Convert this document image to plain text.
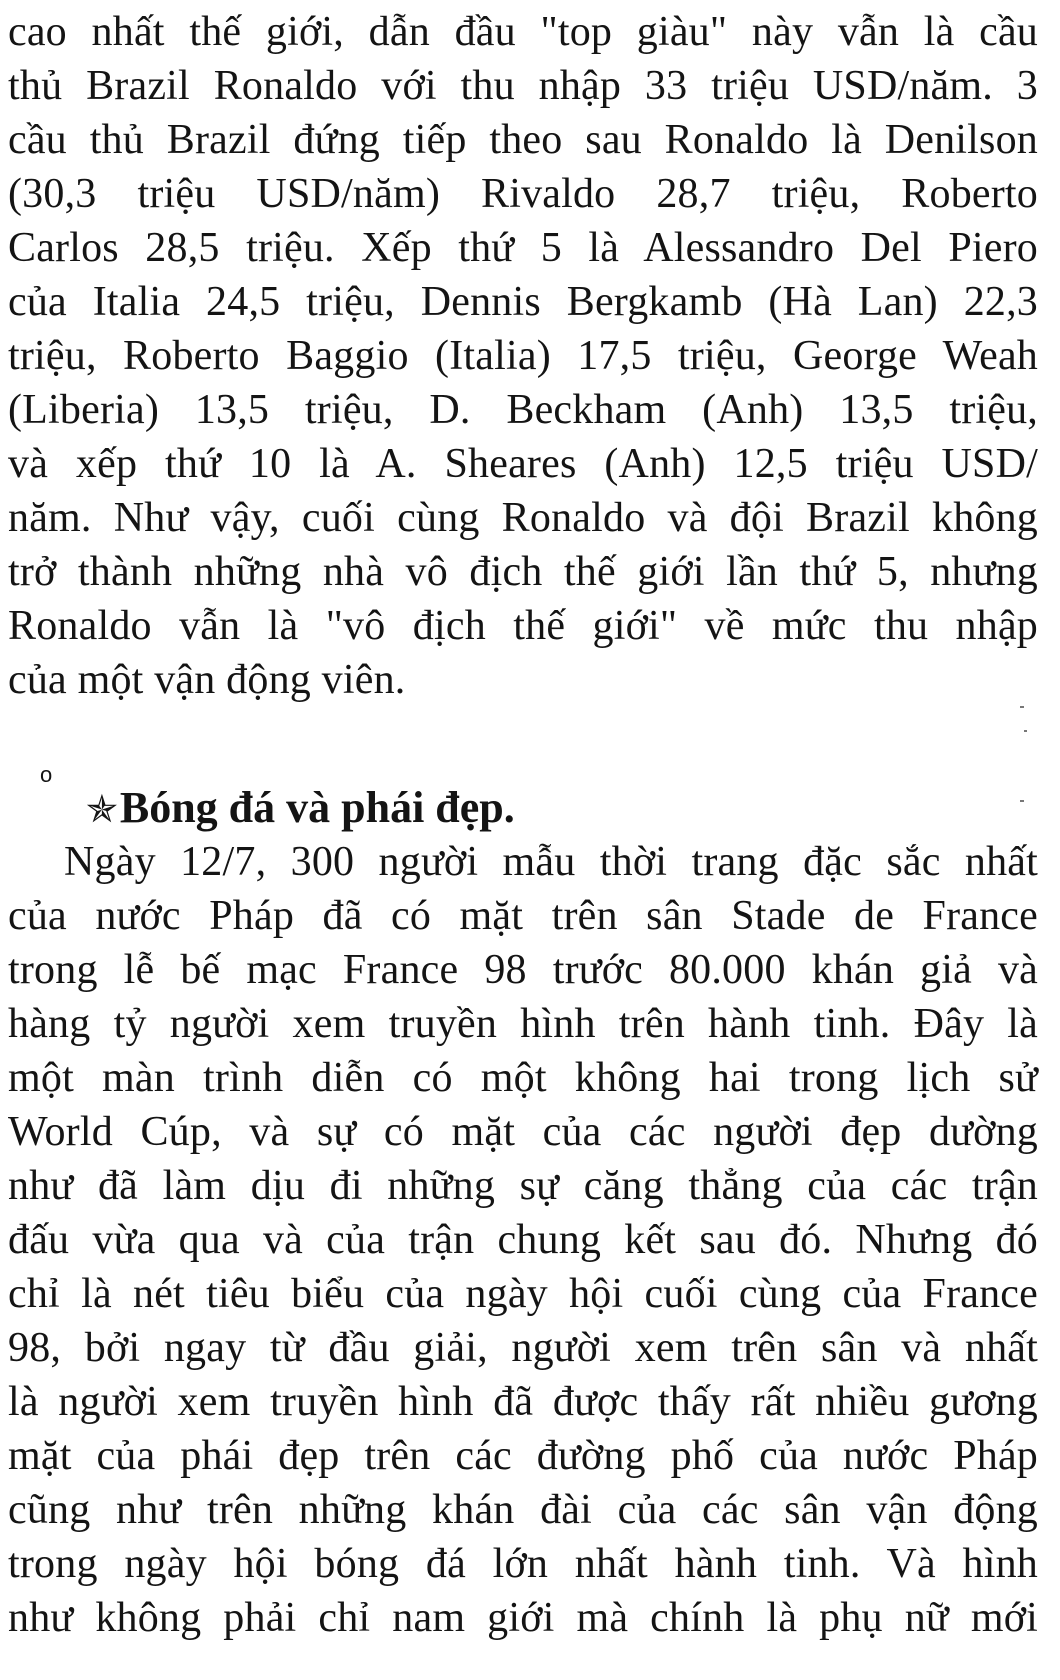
cao nhất thế giới, dẫn đầu "top giàu" này vẫn là cầu
thủ Brazil Ronaldo với thu nhập 33 triệu USD/năm. 3
cầu thủ Brazil đứng tiếp theo sau Ronaldo là Denilson
(30,3 triệu USD/năm) Rivaldo 28,7 triệu, Roberto
Carlos 28,5 triệu. Xếp thứ 5 là Alessandro Del Piero
của Italia 24,5 triệu, Dennis Bergkamb (Hà Lan) 22,3
triệu, Roberto Baggio (Italia) 17,5 triệu, George Weah
(Liberia) 13,5 triệu, D. Beckham (Anh) 13,5 triệu,
và xếp thứ 10 là A. Sheares (Anh) 12,5 triệu USD/
năm. Như vậy, cuối cùng Ronaldo và đội Brazil không
trở thành những nhà vô địch thế giới lần thứ 5, nhưng
Ronaldo vẫn là "vô địch thế giới" về mức thu nhập
của một vận động viên.
o
✯Bóng đá và phái đẹp.
Ngày 12/7, 300 người mẫu thời trang đặc sắc nhất
của nước Pháp đã có mặt trên sân Stade de France
trong lễ bế mạc France 98 trước 80.000 khán giả và
hàng tỷ người xem truyền hình trên hành tinh. Đây là
một màn trình diễn có một không hai trong lịch sử
World Cúp, và sự có mặt của các người đẹp dường
như đã làm dịu đi những sự căng thẳng của các trận
đấu vừa qua và của trận chung kết sau đó. Nhưng đó
chỉ là nét tiêu biểu của ngày hội cuối cùng của France
98, bởi ngay từ đầu giải, người xem trên sân và nhất
là người xem truyền hình đã được thấy rất nhiều gương
mặt của phái đẹp trên các đường phố của nước Pháp
cũng như trên những khán đài của các sân vận động
trong ngày hội bóng đá lớn nhất hành tinh. Và hình
như không phải chỉ nam giới mà chính là phụ nữ mới
